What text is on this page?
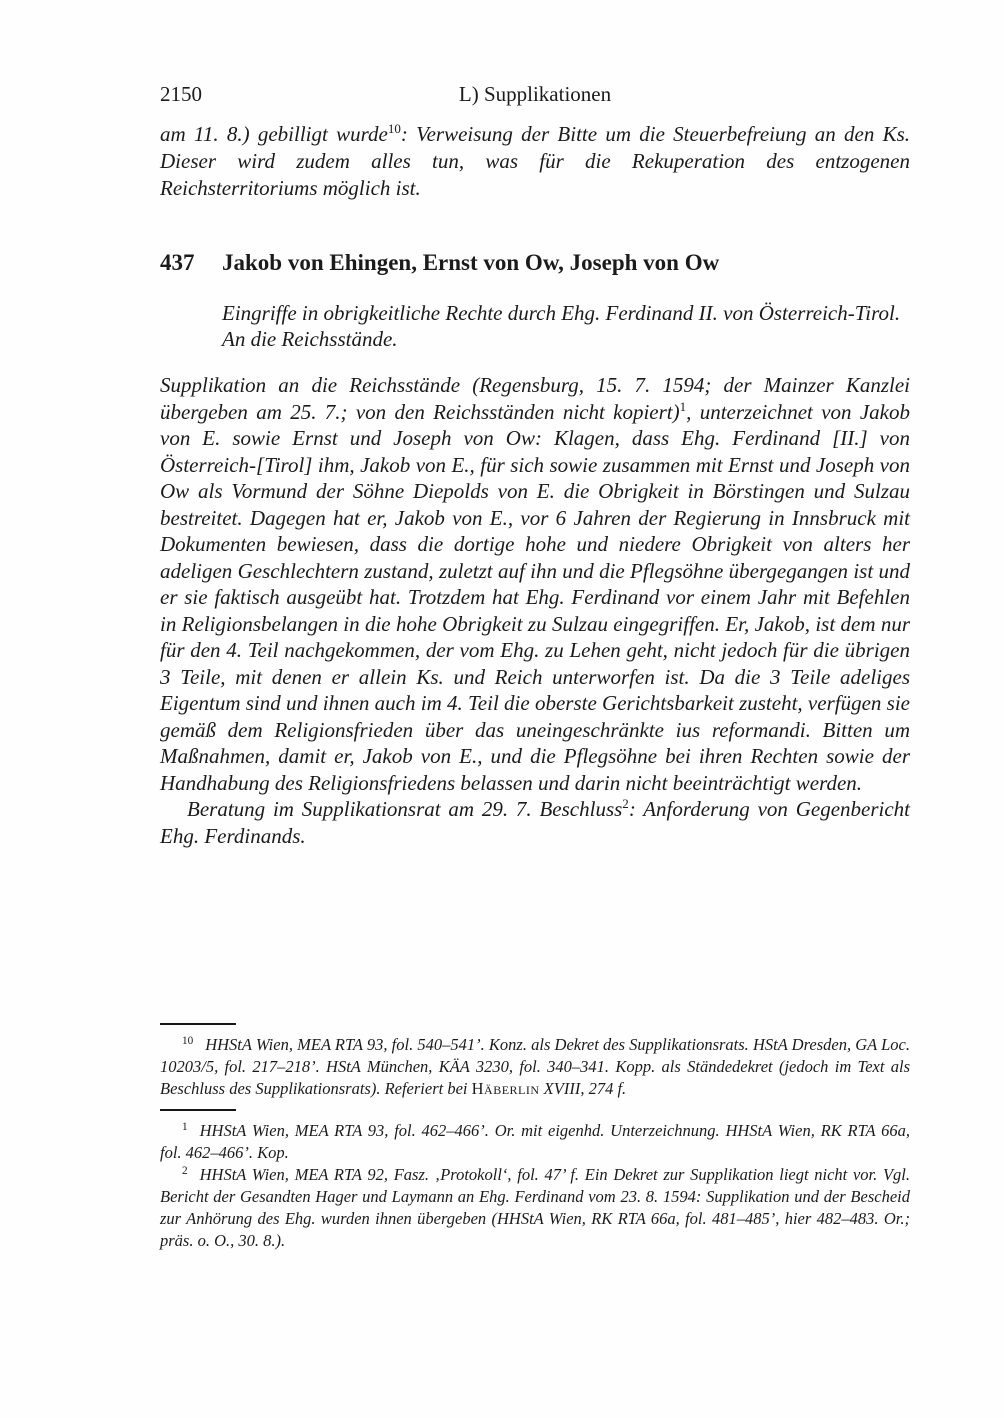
2150	L) Supplikationen

am 11. 8.) gebilligt wurde$^{10}$: Verweisung der Bitte um die Steuerbefreiung an den Ks. Dieser wird zudem alles tun, was für die Rekuperation des entzogenen Reichsterritoriums möglich ist.

437 Jakob von Ehingen, Ernst von Ow, Joseph von Ow

Eingriffe in obrigkeitliche Rechte durch Ehg. Ferdinand II. von Österreich-Tirol. An die Reichsstände.

Supplikation an die Reichsstände (Regensburg, 15. 7. 1594; der Mainzer Kanzlei übergeben am 25. 7.; von den Reichsständen nicht kopiert)$^1$, unterzeichnet von Jakob von E. sowie Ernst und Joseph von Ow: Klagen, dass Ehg. Ferdinand [II.] von Österreich-[Tirol] ihm, Jakob von E., für sich sowie zusammen mit Ernst und Joseph von Ow als Vormund der Söhne Diepolds von E. die Obrigkeit in Börstingen und Sulzau bestreitet. Dagegen hat er, Jakob von E., vor 6 Jahren der Regierung in Innsbruck mit Dokumenten bewiesen, dass die dortige hohe und niedere Obrigkeit von alters her adeligen Geschlechtern zustand, zuletzt auf ihn und die Pflegsöhne übergegangen ist und er sie faktisch ausgeübt hat. Trotzdem hat Ehg. Ferdinand vor einem Jahr mit Befehlen in Religionsbelangen in die hohe Obrigkeit zu Sulzau eingegriffen. Er, Jakob, ist dem nur für den 4. Teil nachgekommen, der vom Ehg. zu Lehen geht, nicht jedoch für die übrigen 3 Teile, mit denen er allein Ks. und Reich unterworfen ist. Da die 3 Teile adeliges Eigentum sind und ihnen auch im 4. Teil die oberste Gerichtsbarkeit zusteht, verfügen sie gemäß dem Religionsfrieden über das uneingeschränkte ius reformandi. Bitten um Maßnahmen, damit er, Jakob von E., und die Pflegsöhne bei ihren Rechten sowie der Handhabung des Religionsfriedens belassen und darin nicht beeinträchtigt werden.

Beratung im Supplikationsrat am 29. 7. Beschluss$^2$: Anforderung von Gegenbericht Ehg. Ferdinands.

$^{10}$ HHStA Wien, MEA RTA 93, fol. 540–541’. Konz. als Dekret des Supplikationsrats. HStA Dresden, GA Loc. 10203/5, fol. 217–218’. HStA München, KÄA 3230, fol. 340–341. Kopp. als Ständedekret (jedoch im Text als Beschluss des Supplikationsrats). Referiert bei Häberlin XVIII, 274 f.

$^1$ HHStA Wien, MEA RTA 93, fol. 462–466’. Or. mit eigenhd. Unterzeichnung. HHStA Wien, RK RTA 66a, fol. 462–466’. Kop.

$^2$ HHStA Wien, MEA RTA 92, Fasz. ‚Protokoll‘, fol. 47’ f. Ein Dekret zur Supplikation liegt nicht vor. Vgl. Bericht der Gesandten Hager und Laymann an Ehg. Ferdinand vom 23. 8. 1594: Supplikation und der Bescheid zur Anhörung des Ehg. wurden ihnen übergeben (HHStA Wien, RK RTA 66a, fol. 481–485’, hier 482–483. Or.; präs. o. O., 30. 8.).
